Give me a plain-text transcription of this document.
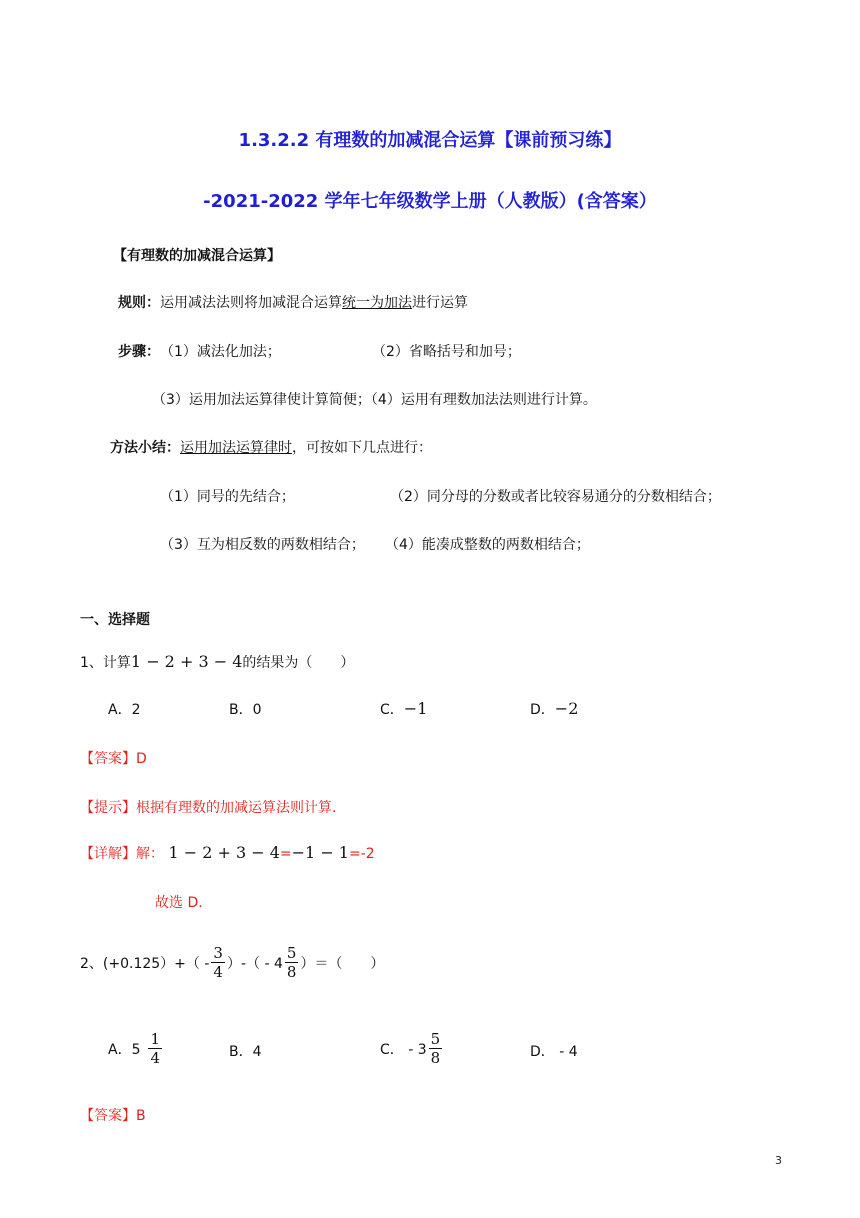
1.3.2.2 有理数的加减混合运算【课前预习练】
-2021-2022 学年七年级数学上册（人教版）(含答案）
【有理数的加减混合运算】
规则：运用减法法则将加减混合运算统一为加法进行运算
步骤： （1）减法化加法；	（2）省略括号和加号；
（3）运用加法运算律使计算简便；（4）运用有理数加法法则进行计算。
方法小结：运用加法运算律时，可按如下几点进行：
（1）同号的先结合；	（2）同分母的分数或者比较容易通分的分数相结合；
（3）互为相反数的两数相结合； （4）能凑成整数的两数相结合；
一、选择题
1、计算1 − 2 + 3 − 4的结果为（　　）
A．2	B．0	C．−1	D．−2
【答案】D
【提示】根据有理数的加减运算法则计算.
【详解】解： 1 − 2 + 3 − 4=−1 − 1=-2
故选 D.
2、$(+0.125)+( - \frac{3}{4}$ ）-（ - $4 \frac{5}{8}$ ）＝（　　）
A．$5 \frac{1}{4}$	B．4	C． - $3 \frac{5}{8}$	D． - 4
【答案】B
3
